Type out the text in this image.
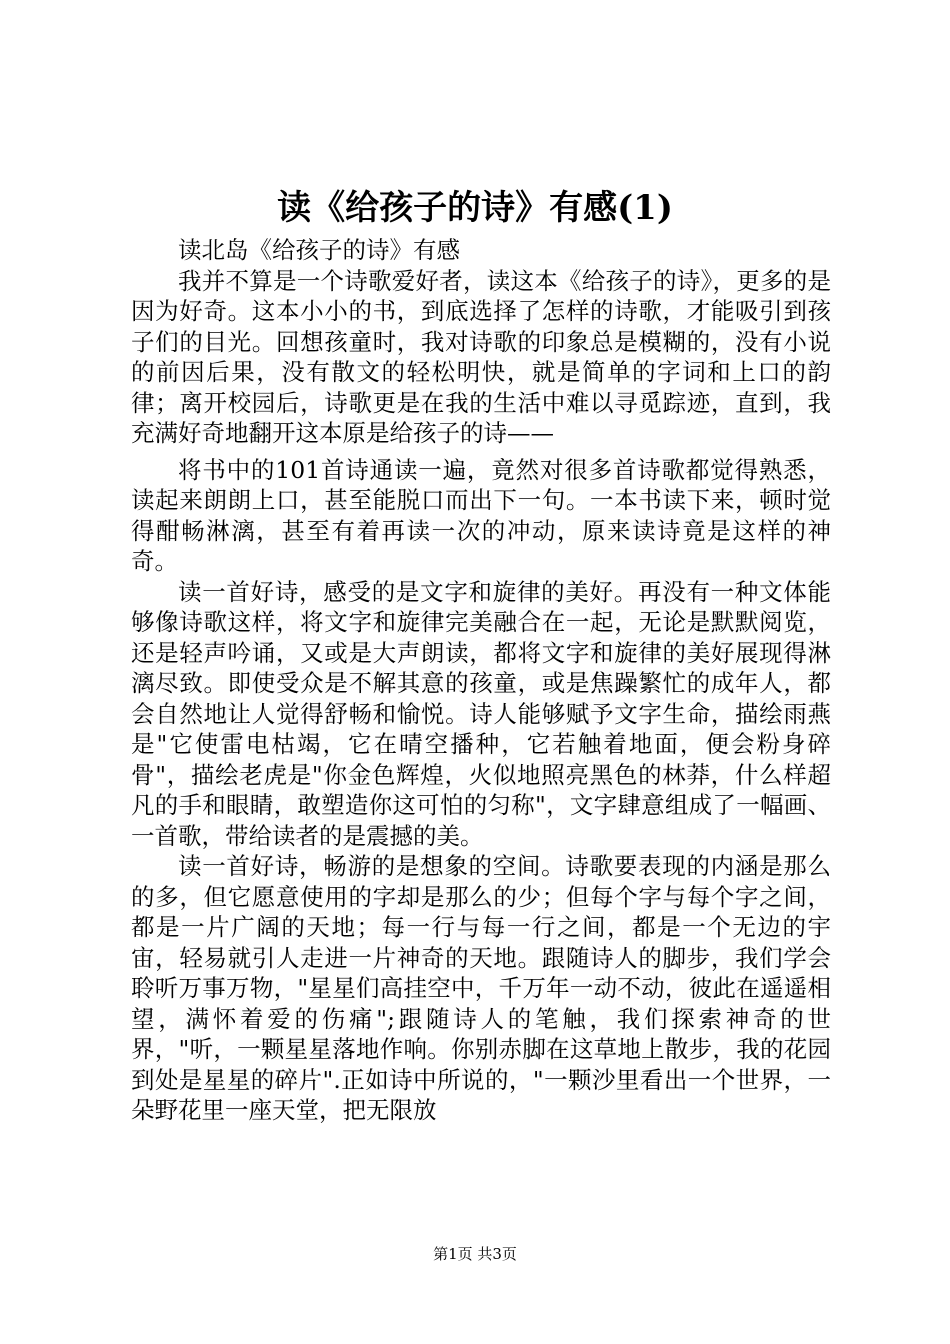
读《给孩子的诗》有感(1)

读北岛《给孩子的诗》有感

我并不算是一个诗歌爱好者，读这本《给孩子的诗》，更多的是因为好奇。这本小小的书，到底选择了怎样的诗歌，才能吸引到孩子们的目光。回想孩童时，我对诗歌的印象总是模糊的，没有小说的前因后果，没有散文的轻松明快，就是简单的字词和上口的韵律；离开校园后，诗歌更是在我的生活中难以寻觅踪迹，直到，我充满好奇地翻开这本原是给孩子的诗——

将书中的101首诗通读一遍，竟然对很多首诗歌都觉得熟悉，读起来朗朗上口，甚至能脱口而出下一句。一本书读下来，顿时觉得酣畅淋漓，甚至有着再读一次的冲动，原来读诗竟是这样的神奇。

读一首好诗，感受的是文字和旋律的美好。再没有一种文体能够像诗歌这样，将文字和旋律完美融合在一起，无论是默默阅览，还是轻声吟诵，又或是大声朗读，都将文字和旋律的美好展现得淋漓尽致。即使受众是不解其意的孩童，或是焦躁繁忙的成年人，都会自然地让人觉得舒畅和愉悦。诗人能够赋予文字生命，描绘雨燕是"它使雷电枯竭，它在晴空播种，它若触着地面，便会粉身碎骨"，描绘老虎是"你金色辉煌，火似地照亮黑色的林莽，什么样超凡的手和眼睛，敢塑造你这可怕的匀称"，文字肆意组成了一幅画、一首歌，带给读者的是震撼的美。

读一首好诗，畅游的是想象的空间。诗歌要表现的内涵是那么的多，但它愿意使用的字却是那么的少；但每个字与每个字之间，都是一片广阔的天地；每一行与每一行之间，都是一个无边的宇宙，轻易就引人走进一片神奇的天地。跟随诗人的脚步，我们学会聆听万事万物，"星星们高挂空中，千万年一动不动，彼此在遥遥相望，满怀着爱的伤痛";跟随诗人的笔触，我们探索神奇的世界，"听，一颗星星落地作响。你别赤脚在这草地上散步，我的花园到处是星星的碎片".正如诗中所说的，"一颗沙里看出一个世界，一朵野花里一座天堂，把无限放

第1页 共3页
